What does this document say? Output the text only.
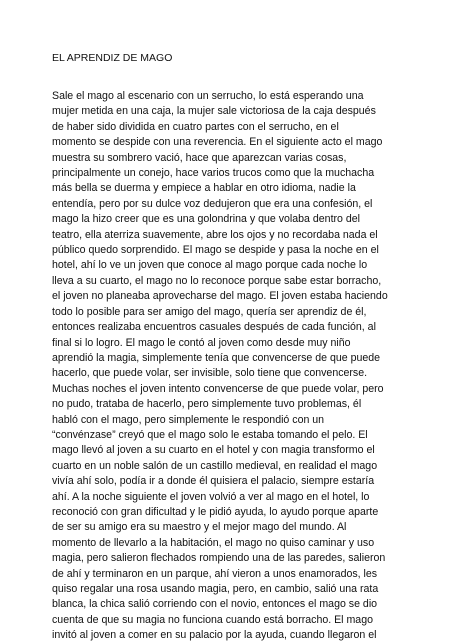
EL APRENDIZ DE MAGO

Sale el mago al escenario con un serrucho, lo está esperando una
mujer metida en una caja, la mujer sale victoriosa de la caja después
de haber sido dividida en cuatro partes con el serrucho, en el
momento se despide con una reverencia. En el siguiente acto el mago
muestra su sombrero vació, hace que aparezcan varias cosas,
principalmente un conejo, hace varios trucos como que la muchacha
más bella se duerma y empiece a hablar en otro idioma, nadie la
entendía, pero por su dulce voz dedujeron que era una confesión, el
mago la hizo creer que es una golondrina y que volaba dentro del
teatro, ella aterriza suavemente, abre los ojos y no recordaba nada el
público quedo sorprendido. El mago se despide y pasa la noche en el
hotel, ahí lo ve un joven que conoce al mago porque cada noche lo
lleva a su cuarto, el mago no lo reconoce porque sabe estar borracho,
el joven no planeaba aprovecharse del mago. El joven estaba haciendo
todo lo posible para ser amigo del mago, quería ser aprendiz de él,
entonces realizaba encuentros casuales después de cada función, al
final si lo logro. El mago le contó al joven como desde muy niño
aprendió la magia, simplemente tenía que convencerse de que puede
hacerlo, que puede volar, ser invisible, solo tiene que convencerse.
Muchas noches el joven intento convencerse de que puede volar, pero
no pudo, trataba de hacerlo, pero simplemente tuvo problemas, él
habló con el mago, pero simplemente le respondió con un
“convénzase” creyó que el mago solo le estaba tomando el pelo. El
mago llevó al joven a su cuarto en el hotel y con magia transformo el
cuarto en un noble salón de un castillo medieval, en realidad el mago
vivía ahí solo, podía ir a donde él quisiera el palacio, siempre estaría
ahí. A la noche siguiente el joven volvió a ver al mago en el hotel, lo
reconoció con gran dificultad y le pidió ayuda, lo ayudo porque aparte
de ser su amigo era su maestro y el mejor mago del mundo. Al
momento de llevarlo a la habitación, el mago no quiso caminar y uso
magia, pero salieron flechados rompiendo una de las paredes, salieron
de ahí y terminaron en un parque, ahí vieron a unos enamorados, les
quiso regalar una rosa usando magia, pero, en cambio, salió una rata
blanca, la chica salió corriendo con el novio, entonces el mago se dio
cuenta de que su magia no funciona cuando está borracho. El mago
invitó al joven a comer en su palacio por la ayuda, cuando llegaron el
